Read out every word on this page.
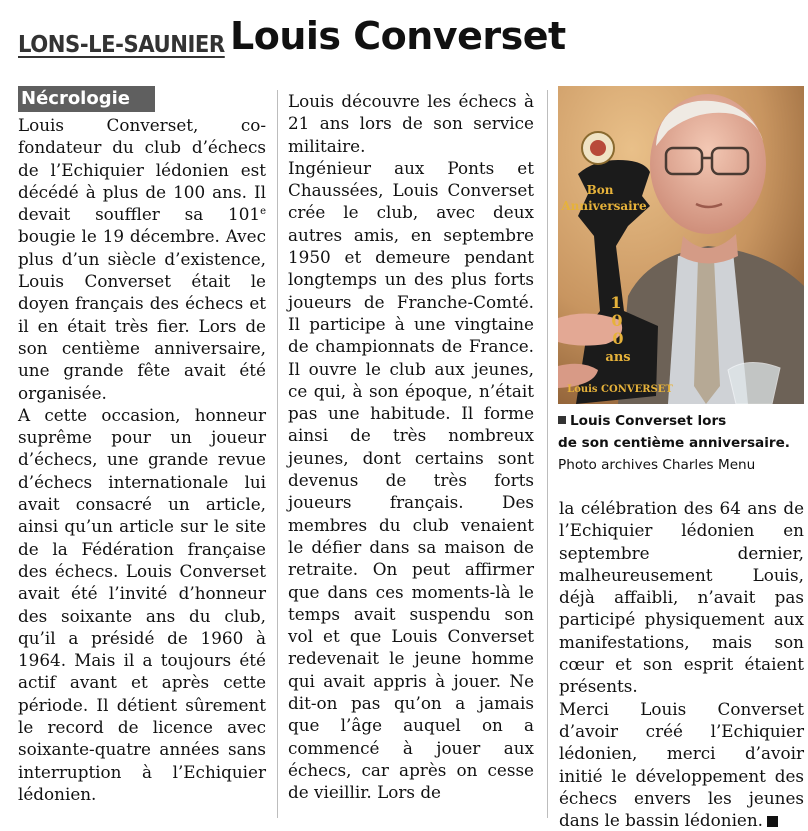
LONS-LE-SAUNIER Louis Converset
Nécrologie

Louis Converset, co-fondateur du club d’échecs de l’Echiquier lédonien est décédé à plus de 100 ans. Il devait souffler sa 101e bougie le 19 décembre. Avec plus d’un siècle d’existence, Louis Converset était le doyen français des échecs et il en était très fier. Lors de son centième anniversaire, une grande fête avait été organisée.

A cette occasion, honneur suprême pour un joueur d’échecs, une grande revue d’échecs internationale lui avait consacré un article, ainsi qu’un article sur le site de la Fédération française des échecs. Louis Converset avait été l’invité d’honneur des soixante ans du club, qu’il a présidé de 1960 à 1964. Mais il a toujours été actif avant et après cette période. Il détient sûrement le record de licence avec soixante-quatre années sans interruption à l’Echiquier lédonien.

Louis découvre les échecs à 21 ans lors de son service militaire.

Ingénieur aux Ponts et Chaussées, Louis Converset crée le club, avec deux autres amis, en septembre 1950 et demeure pendant longtemps un des plus forts joueurs de Franche-Comté. Il participe à une vingtaine de championnats de France. Il ouvre le club aux jeunes, ce qui, à son époque, n’était pas une habitude. Il forme ainsi de très nombreux jeunes, dont certains sont devenus de très forts joueurs français. Des membres du club venaient le défier dans sa maison de retraite. On peut affirmer que dans ces moments-là le temps avait suspendu son vol et que Louis Converset redevenait le jeune homme qui avait appris à jouer. Ne dit-on pas qu’on a jamais que l’âge auquel on a commencé à jouer aux échecs, car après on cesse de vieillir. Lors de

Bon
Anniversaire
1
0
0
ans
Louis CONVERSET
Louis Converset lors
de son centième anniversaire.
Photo archives Charles Menu

la célébration des 64 ans de l’Echiquier lédonien en septembre dernier, malheureusement Louis, déjà affaibli, n’avait pas participé physiquement aux manifestations, mais son cœur et son esprit étaient présents.

Merci Louis Converset d’avoir créé l’Echiquier lédonien, merci d’avoir initié le développement des échecs envers les jeunes dans le bassin lédonien.
